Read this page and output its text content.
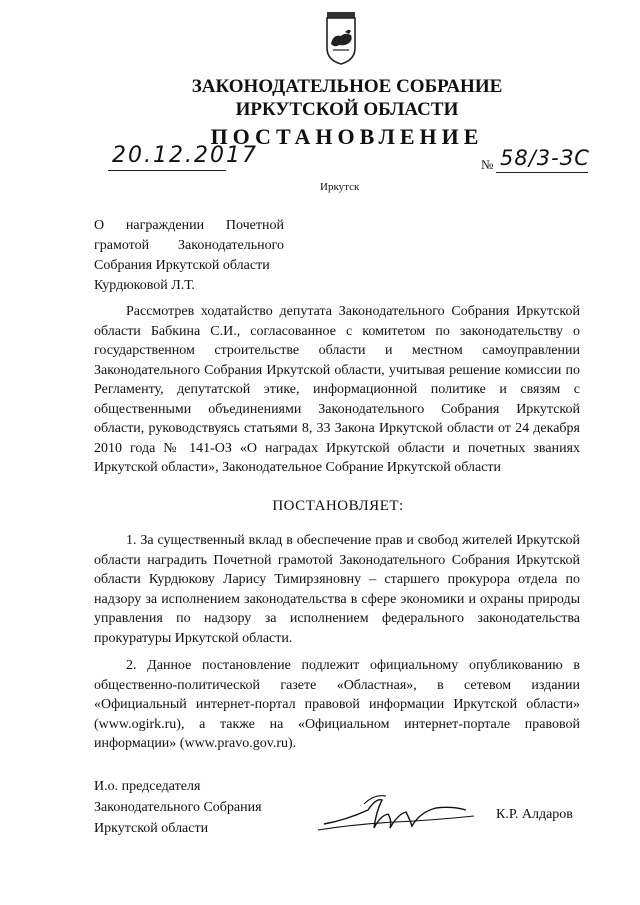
ЗАКОНОДАТЕЛЬНОЕ СОБРАНИЕ
ИРКУТСКОЙ ОБЛАСТИ
ПОСТАНОВЛЕНИЕ
20.12.2017	№ 58/3-ЗС
Иркутск

О награждении Почетной

грамотой Законодательного

Собрания Иркутской области

Курдюковой Л.Т.

Рассмотрев ходатайство депутата Законодательного Собрания Иркутской области Бабкина С.И., согласованное с комитетом по законодательству о государственном строительстве области и местном самоуправлении Законодательного Собрания Иркутской области, учитывая решение комиссии по Регламенту, депутатской этике, информационной политике и связям с общественными объединениями Законодательного Собрания Иркутской области, руководствуясь статьями 8, 33 Закона Иркутской области от 24 декабря 2010 года № 141-ОЗ «О наградах Иркутской области и почетных званиях Иркутской области», Законодательное Собрание Иркутской области

ПОСТАНОВЛЯЕТ:

1. За существенный вклад в обеспечение прав и свобод жителей Иркутской области наградить Почетной грамотой Законодательного Собрания Иркутской области Курдюкову Ларису Тимирзяновну – старшего прокурора отдела по надзору за исполнением законодательства в сфере экономики и охраны природы управления по надзору за исполнением федерального законодательства прокуратуры Иркутской области.

2. Данное постановление подлежит официальному опубликованию в общественно-политической газете «Областная», в сетевом издании «Официальный интернет-портал правовой информации Иркутской области» (www.ogirk.ru), а также на «Официальном интернет-портале правовой информации» (www.pravo.gov.ru).

И.о. председателя
Законодательного Собрания
Иркутской области
К.Р. Алдаров
